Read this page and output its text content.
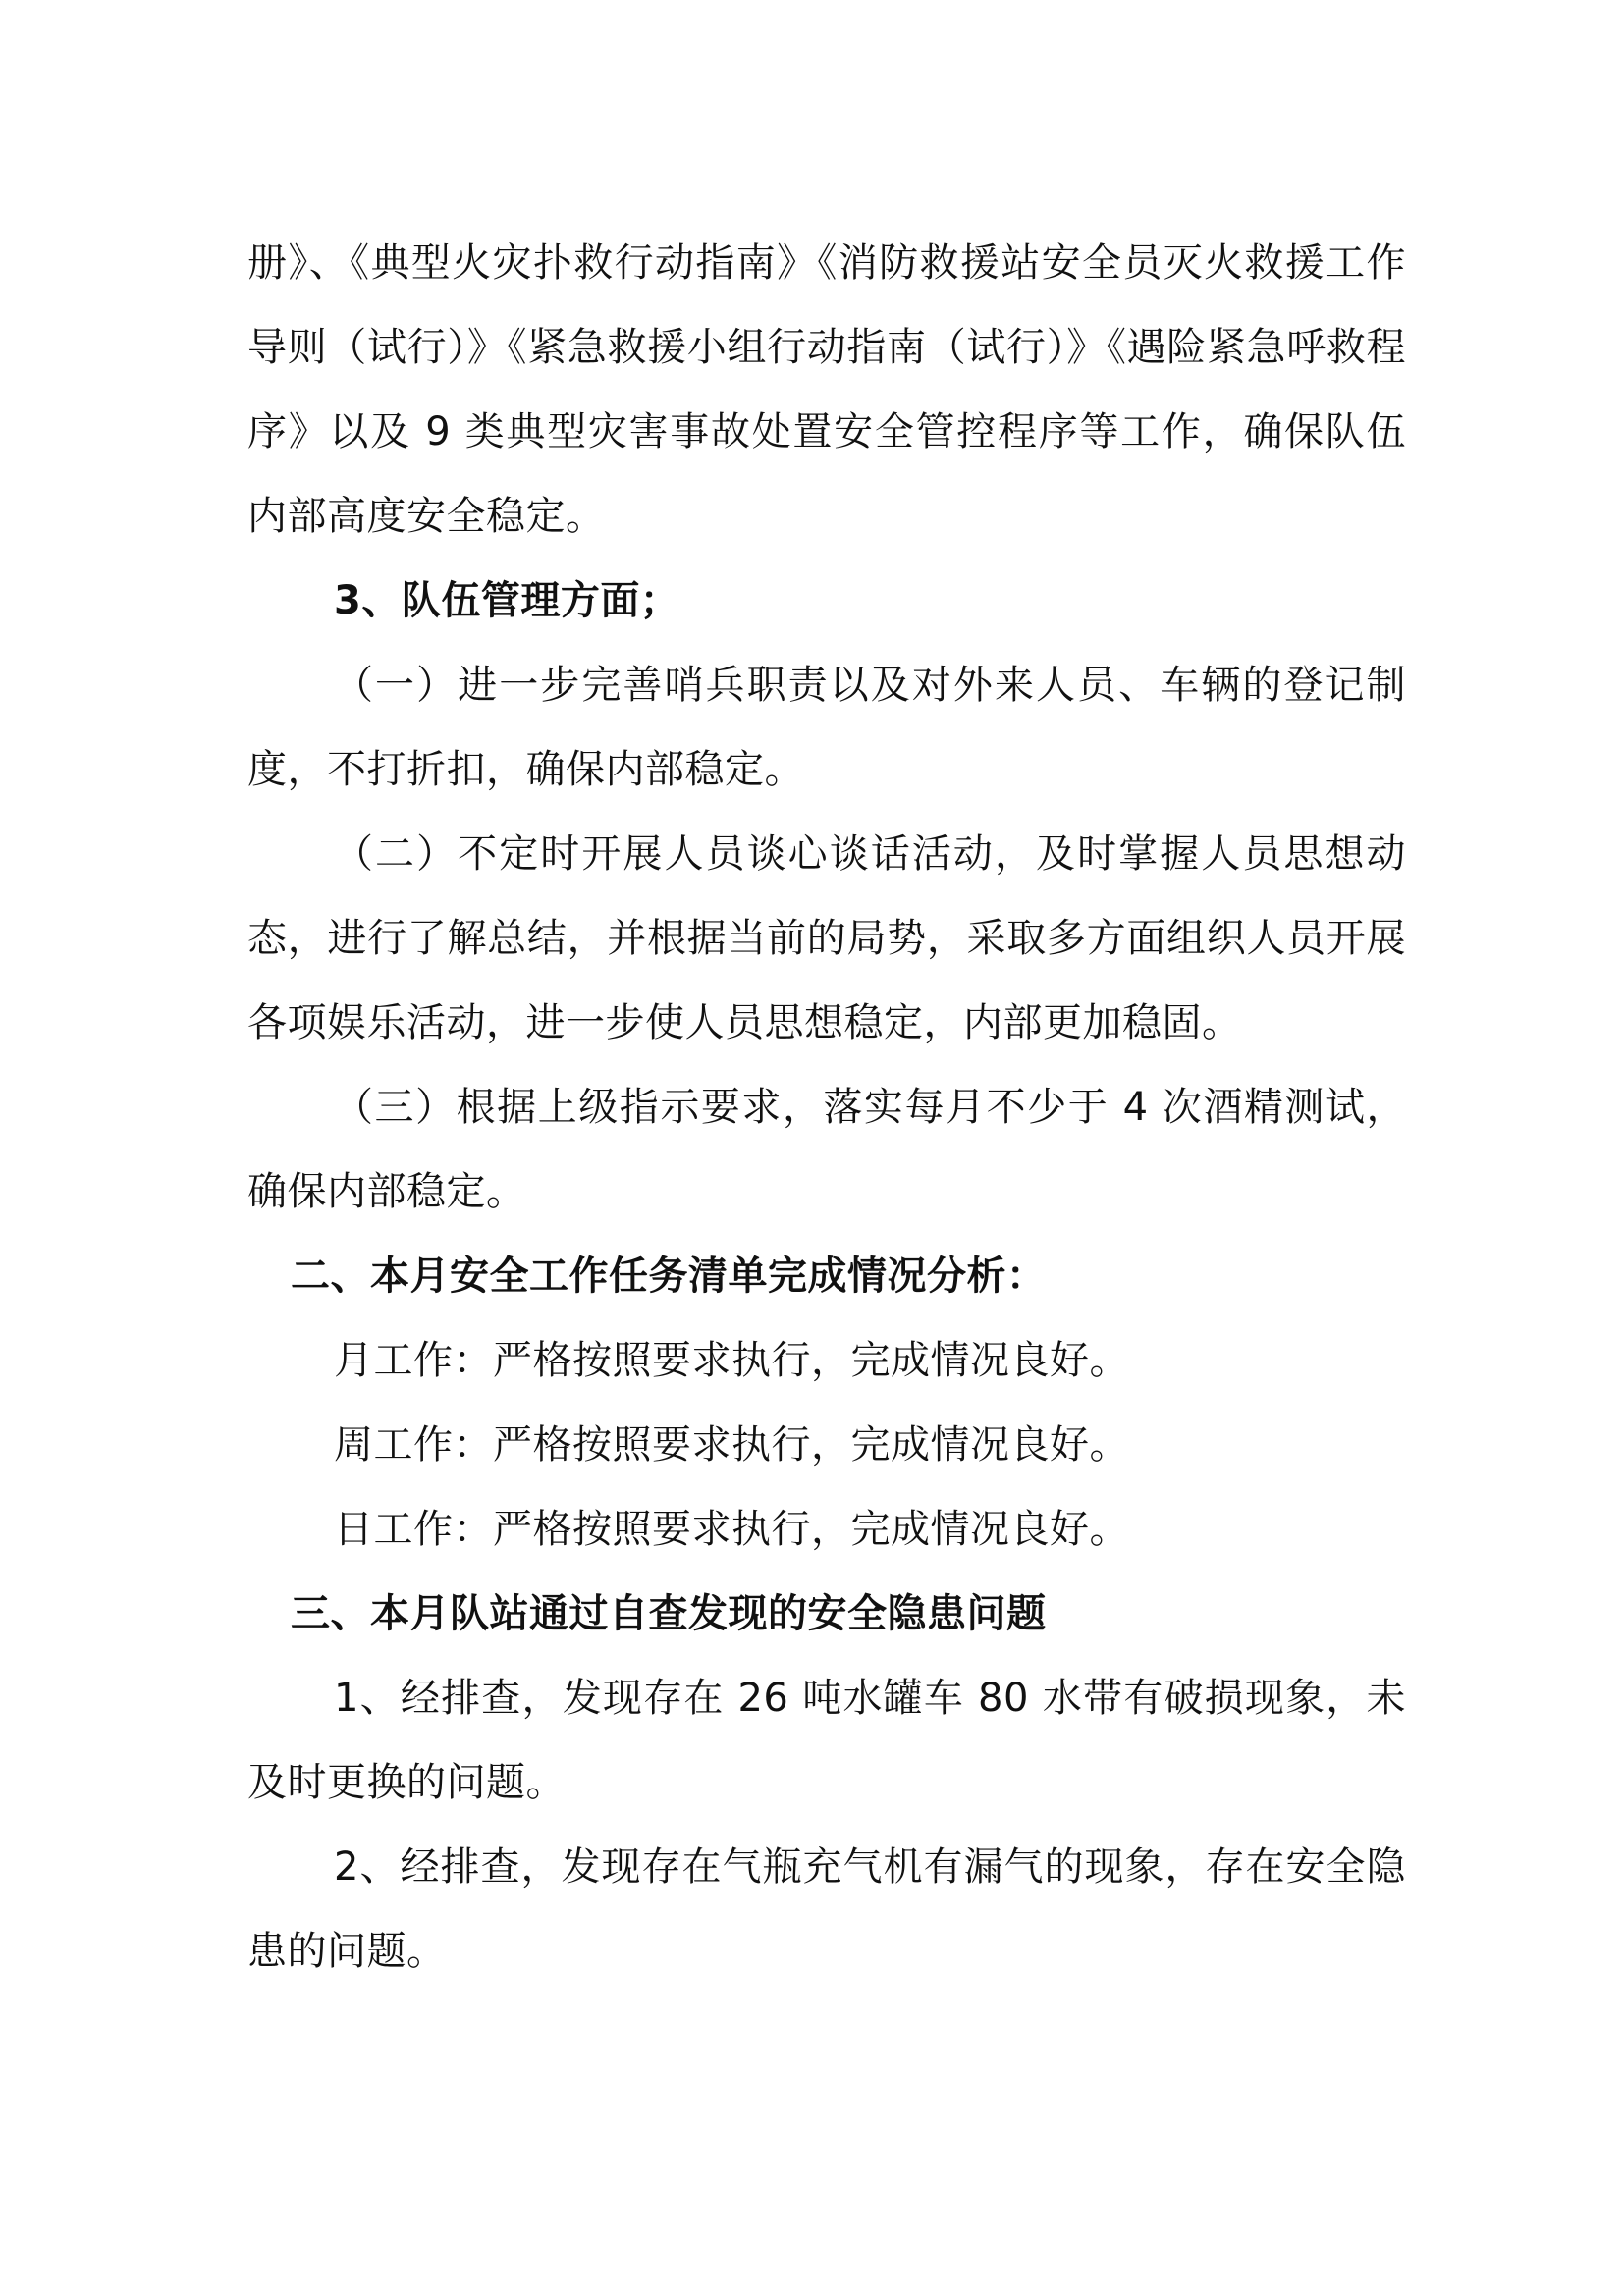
册》、《典型火灾扑救行动指南》《消防救援站安全员灭火救援工作导则（试行）》《紧急救援小组行动指南（试行）》《遇险紧急呼救程序》以及 9 类典型灾害事故处置安全管控程序等工作，确保队伍内部高度安全稳定。

3、队伍管理方面；

（一）进一步完善哨兵职责以及对外来人员、车辆的登记制度，不打折扣，确保内部稳定。

（二）不定时开展人员谈心谈话活动，及时掌握人员思想动态，进行了解总结，并根据当前的局势，采取多方面组织人员开展各项娱乐活动，进一步使人员思想稳定，内部更加稳固。

（三）根据上级指示要求，落实每月不少于 4 次酒精测试，确保内部稳定。

二、本月安全工作任务清单完成情况分析：

月工作：严格按照要求执行，完成情况良好。

周工作：严格按照要求执行，完成情况良好。

日工作：严格按照要求执行，完成情况良好。

三、本月队站通过自查发现的安全隐患问题

1、经排查，发现存在 26 吨水罐车 80 水带有破损现象，未及时更换的问题。

2、经排查，发现存在气瓶充气机有漏气的现象，存在安全隐患的问题。
